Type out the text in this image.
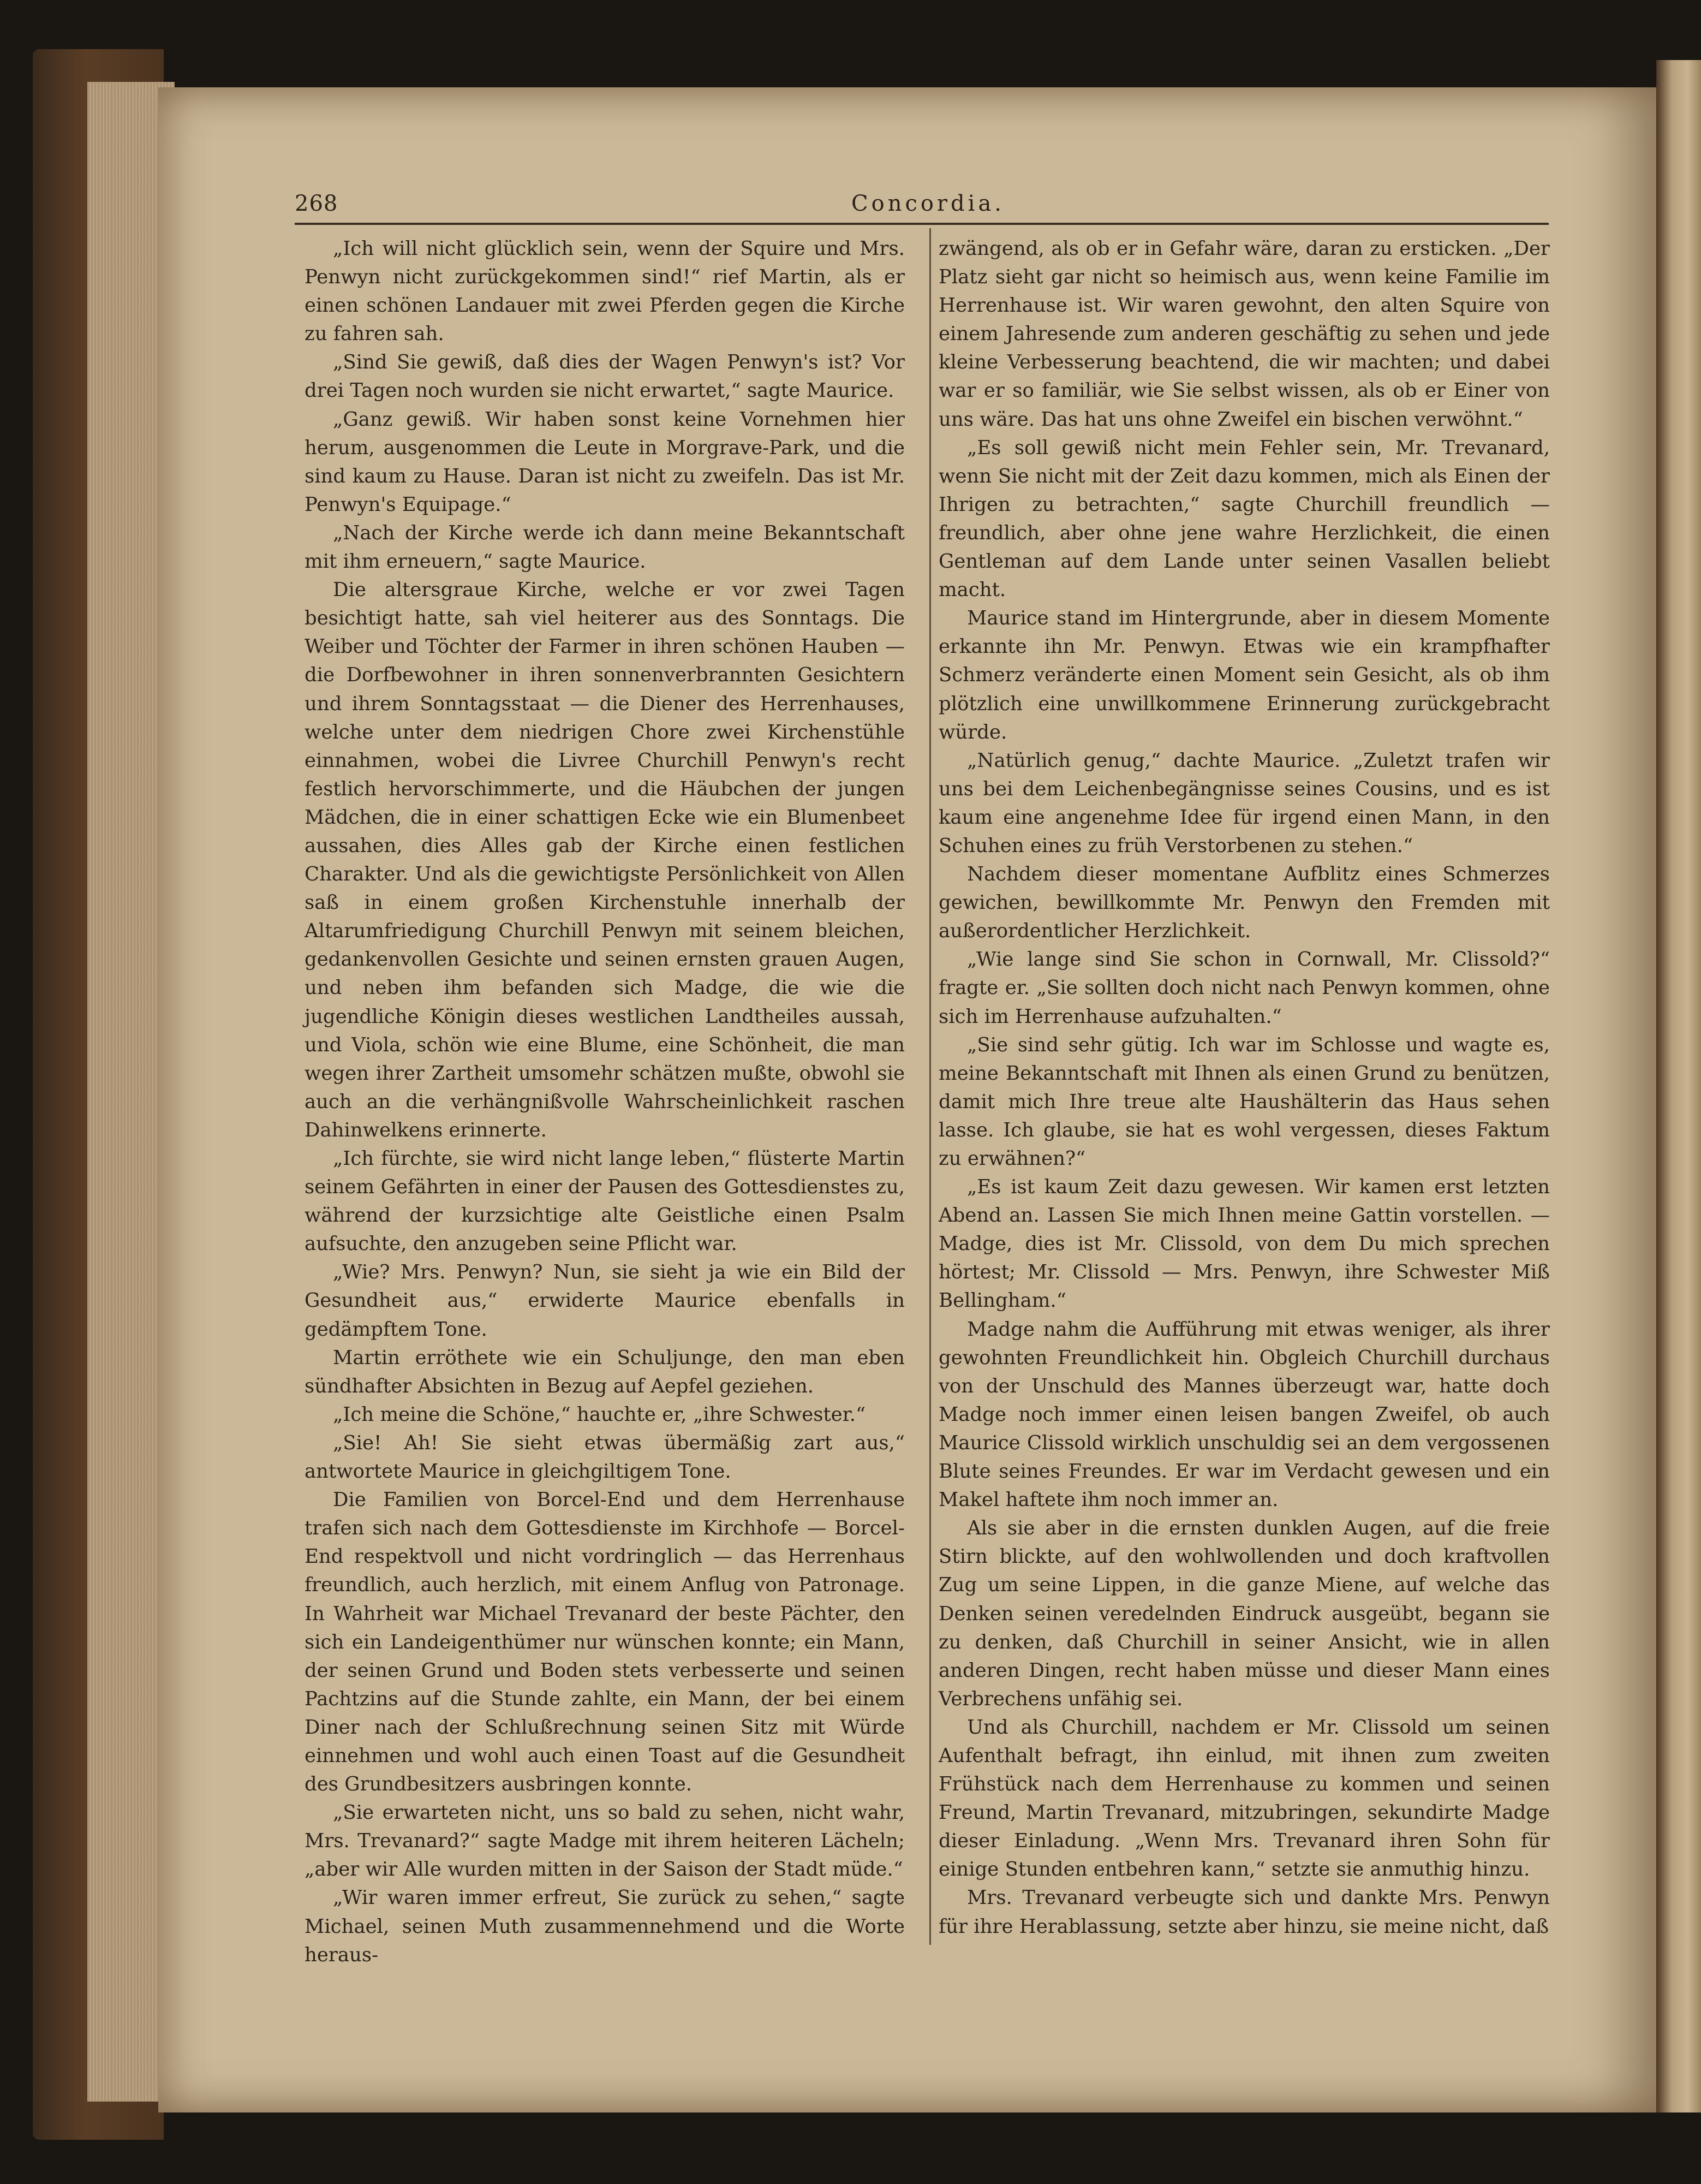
268	Concordia.

„Ich will nicht glücklich sein, wenn der Squire und Mrs. Penwyn nicht zurückgekommen sind!“ rief Martin, als er einen schönen Landauer mit zwei Pferden gegen die Kirche zu fahren sah.

„Sind Sie gewiß, daß dies der Wagen Penwyn's ist? Vor drei Tagen noch wurden sie nicht erwartet,“ sagte Maurice.

„Ganz gewiß. Wir haben sonst keine Vornehmen hier herum, ausgenommen die Leute in Morgrave-Park, und die sind kaum zu Hause. Daran ist nicht zu zweifeln. Das ist Mr. Penwyn's Equipage.“

„Nach der Kirche werde ich dann meine Bekanntschaft mit ihm erneuern,“ sagte Maurice.

Die altersgraue Kirche, welche er vor zwei Tagen besichtigt hatte, sah viel heiterer aus des Sonntags. Die Weiber und Töchter der Farmer in ihren schönen Hauben — die Dorfbewohner in ihren sonnenverbrannten Gesichtern und ihrem Sonntagsstaat — die Diener des Herrenhauses, welche unter dem niedrigen Chore zwei Kirchenstühle einnahmen, wobei die Livree Churchill Penwyn's recht festlich hervorschimmerte, und die Häubchen der jungen Mädchen, die in einer schattigen Ecke wie ein Blumenbeet aussahen, dies Alles gab der Kirche einen festlichen Charakter. Und als die gewichtigste Persönlichkeit von Allen saß in einem großen Kirchenstuhle innerhalb der Altarumfriedigung Churchill Penwyn mit seinem bleichen, gedankenvollen Gesichte und seinen ernsten grauen Augen, und neben ihm befanden sich Madge, die wie die jugendliche Königin dieses westlichen Landtheiles aussah, und Viola, schön wie eine Blume, eine Schönheit, die man wegen ihrer Zartheit umsomehr schätzen mußte, obwohl sie auch an die verhängnißvolle Wahrscheinlichkeit raschen Dahinwelkens erinnerte.

„Ich fürchte, sie wird nicht lange leben,“ flüsterte Martin seinem Gefährten in einer der Pausen des Gottesdienstes zu, während der kurzsichtige alte Geistliche einen Psalm aufsuchte, den anzugeben seine Pflicht war.

„Wie? Mrs. Penwyn? Nun, sie sieht ja wie ein Bild der Gesundheit aus,“ erwiderte Maurice ebenfalls in gedämpftem Tone.

Martin erröthete wie ein Schuljunge, den man eben sündhafter Absichten in Bezug auf Aepfel geziehen.

„Ich meine die Schöne,“ hauchte er, „ihre Schwester.“

„Sie! Ah! Sie sieht etwas übermäßig zart aus,“ antwortete Maurice in gleichgiltigem Tone.

Die Familien von Borcel-End und dem Herrenhause trafen sich nach dem Gottesdienste im Kirchhofe — Borcel-End respektvoll und nicht vordringlich — das Herrenhaus freundlich, auch herzlich, mit einem Anflug von Patronage. In Wahrheit war Michael Trevanard der beste Pächter, den sich ein Landeigenthümer nur wünschen konnte; ein Mann, der seinen Grund und Boden stets verbesserte und seinen Pachtzins auf die Stunde zahlte, ein Mann, der bei einem Diner nach der Schlußrechnung seinen Sitz mit Würde einnehmen und wohl auch einen Toast auf die Gesundheit des Grundbesitzers ausbringen konnte.

„Sie erwarteten nicht, uns so bald zu sehen, nicht wahr, Mrs. Trevanard?“ sagte Madge mit ihrem heiteren Lächeln; „aber wir Alle wurden mitten in der Saison der Stadt müde.“

„Wir waren immer erfreut, Sie zurück zu sehen,“ sagte Michael, seinen Muth zusammennehmend und die Worte heraus-

zwängend, als ob er in Gefahr wäre, daran zu ersticken. „Der Platz sieht gar nicht so heimisch aus, wenn keine Familie im Herrenhause ist. Wir waren gewohnt, den alten Squire von einem Jahresende zum anderen geschäftig zu sehen und jede kleine Verbesserung beachtend, die wir machten; und dabei war er so familiär, wie Sie selbst wissen, als ob er Einer von uns wäre. Das hat uns ohne Zweifel ein bischen verwöhnt.“

„Es soll gewiß nicht mein Fehler sein, Mr. Trevanard, wenn Sie nicht mit der Zeit dazu kommen, mich als Einen der Ihrigen zu betrachten,“ sagte Churchill freundlich — freundlich, aber ohne jene wahre Herzlichkeit, die einen Gentleman auf dem Lande unter seinen Vasallen beliebt macht.

Maurice stand im Hintergrunde, aber in diesem Momente erkannte ihn Mr. Penwyn. Etwas wie ein krampfhafter Schmerz veränderte einen Moment sein Gesicht, als ob ihm plötzlich eine unwillkommene Erinnerung zurückgebracht würde.

„Natürlich genug,“ dachte Maurice. „Zuletzt trafen wir uns bei dem Leichenbegängnisse seines Cousins, und es ist kaum eine angenehme Idee für irgend einen Mann, in den Schuhen eines zu früh Verstorbenen zu stehen.“

Nachdem dieser momentane Aufblitz eines Schmerzes gewichen, bewillkommte Mr. Penwyn den Fremden mit außerordentlicher Herzlichkeit.

„Wie lange sind Sie schon in Cornwall, Mr. Clissold?“ fragte er. „Sie sollten doch nicht nach Penwyn kommen, ohne sich im Herrenhause aufzuhalten.“

„Sie sind sehr gütig. Ich war im Schlosse und wagte es, meine Bekanntschaft mit Ihnen als einen Grund zu benützen, damit mich Ihre treue alte Haushälterin das Haus sehen lasse. Ich glaube, sie hat es wohl vergessen, dieses Faktum zu erwähnen?“

„Es ist kaum Zeit dazu gewesen. Wir kamen erst letzten Abend an. Lassen Sie mich Ihnen meine Gattin vorstellen. — Madge, dies ist Mr. Clissold, von dem Du mich sprechen hörtest; Mr. Clissold — Mrs. Penwyn, ihre Schwester Miß Bellingham.“

Madge nahm die Aufführung mit etwas weniger, als ihrer gewohnten Freundlichkeit hin. Obgleich Churchill durchaus von der Unschuld des Mannes überzeugt war, hatte doch Madge noch immer einen leisen bangen Zweifel, ob auch Maurice Clissold wirklich unschuldig sei an dem vergossenen Blute seines Freundes. Er war im Verdacht gewesen und ein Makel haftete ihm noch immer an.

Als sie aber in die ernsten dunklen Augen, auf die freie Stirn blickte, auf den wohlwollenden und doch kraftvollen Zug um seine Lippen, in die ganze Miene, auf welche das Denken seinen veredelnden Eindruck ausgeübt, begann sie zu denken, daß Churchill in seiner Ansicht, wie in allen anderen Dingen, recht haben müsse und dieser Mann eines Verbrechens unfähig sei.

Und als Churchill, nachdem er Mr. Clissold um seinen Aufenthalt befragt, ihn einlud, mit ihnen zum zweiten Frühstück nach dem Herrenhause zu kommen und seinen Freund, Martin Trevanard, mitzubringen, sekundirte Madge dieser Einladung. „Wenn Mrs. Trevanard ihren Sohn für einige Stunden entbehren kann,“ setzte sie anmuthig hinzu.

Mrs. Trevanard verbeugte sich und dankte Mrs. Penwyn für ihre Herablassung, setzte aber hinzu, sie meine nicht, daß
